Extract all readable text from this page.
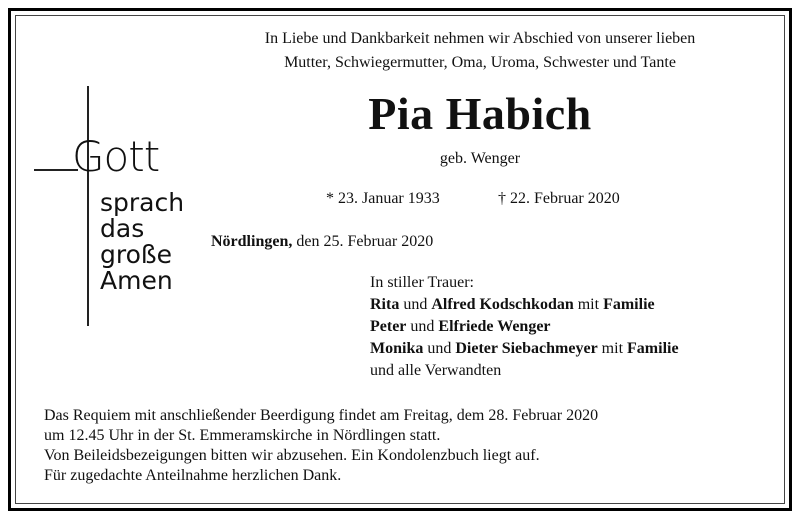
Gott
sprach
das
große
Amen
In Liebe und Dankbarkeit nehmen wir Abschied von unserer lieben
Mutter, Schwiegermutter, Oma, Uroma, Schwester und Tante
Pia Habich
geb. Wenger
* 23. Januar 1933	† 22. Februar 2020
Nördlingen, den 25. Februar 2020
In stiller Trauer:
Rita und Alfred Kodschkodan mit Familie
Peter und Elfriede Wenger
Monika und Dieter Siebachmeyer mit Familie
und alle Verwandten
Das Requiem mit anschließender Beerdigung findet am Freitag, dem 28. Februar 2020
um 12.45 Uhr in der St. Emmeramskirche in Nördlingen statt.
Von Beileidsbezeigungen bitten wir abzusehen. Ein Kondolenzbuch liegt auf.
Für zugedachte Anteilnahme herzlichen Dank.
